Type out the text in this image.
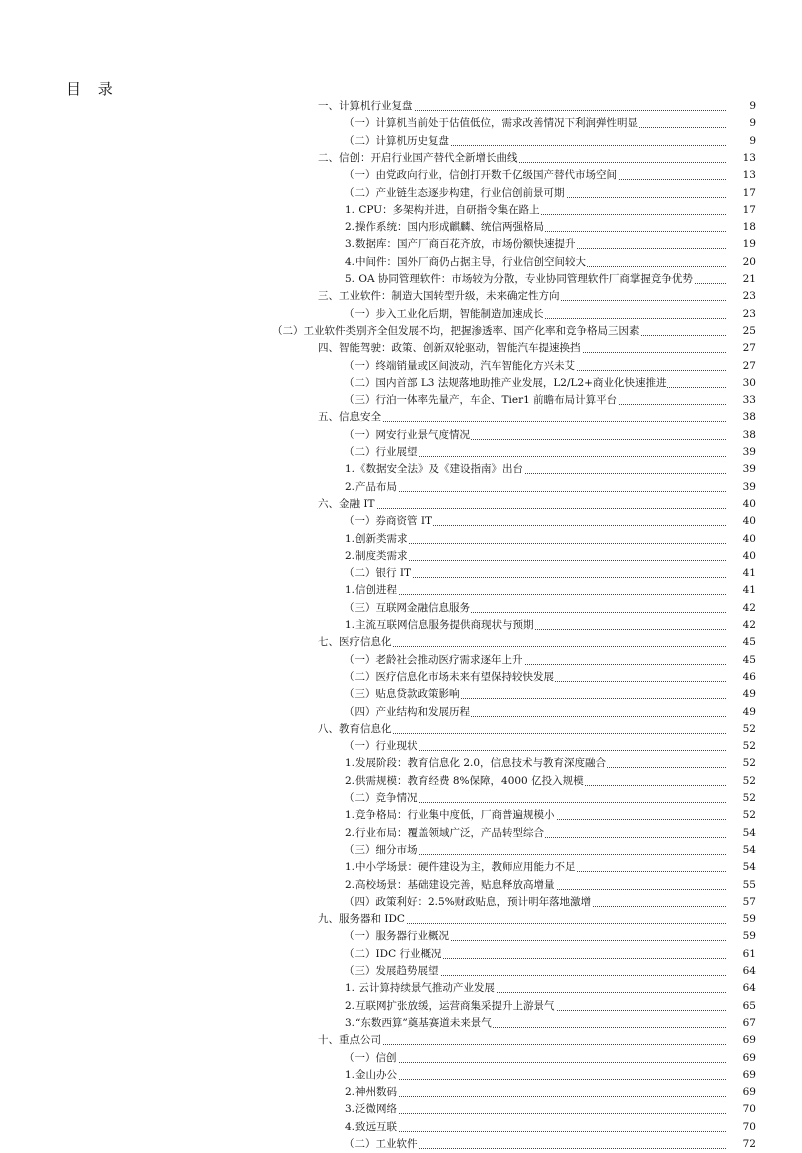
目 录
一、计算机行业复盘	9
（一）计算机当前处于估值低位，需求改善情况下利润弹性明显	9
（二）计算机历史复盘	9
二、信创：开启行业国产替代全新增长曲线	13
（一）由党政向行业，信创打开数千亿级国产替代市场空间	13
（二）产业链生态逐步构建，行业信创前景可期	17
1. CPU：多架构并进，自研指令集在路上	17
2.操作系统：国内形成麒麟、统信两强格局	18
3.数据库：国产厂商百花齐放，市场份额快速提升	19
4.中间件：国外厂商仍占据主导，行业信创空间较大	20
5. OA 协同管理软件：市场较为分散，专业协同管理软件厂商掌握竞争优势	21
三、工业软件：制造大国转型升级，未来确定性方向	23
（一）步入工业化后期，智能制造加速成长	23
（二）工业软件类别齐全但发展不均，把握渗透率、国产化率和竞争格局三因素	25
四、智能驾驶：政策、创新双轮驱动，智能汽车提速换挡	27
（一）终端销量或区间波动，汽车智能化方兴未艾	27
（二）国内首部 L3 法规落地助推产业发展，L2/L2+商业化快速推进	30
（三）行泊一体率先量产，车企、Tier1 前瞻布局计算平台	33
五、信息安全	38
（一）网安行业景气度情况	38
（二）行业展望	39
1.《数据安全法》及《建设指南》出台	39
2.产品布局	39
六、金融 IT	40
（一）券商资管 IT	40
1.创新类需求	40
2.制度类需求	40
（二）银行 IT	41
1.信创进程	41
（三）互联网金融信息服务	42
1.主流互联网信息服务提供商现状与预期	42
七、医疗信息化	45
（一）老龄社会推动医疗需求逐年上升	45
（二）医疗信息化市场未来有望保持较快发展	46
（三）贴息贷款政策影响	49
（四）产业结构和发展历程	49
八、教育信息化	52
（一）行业现状	52
1.发展阶段：教育信息化 2.0，信息技术与教育深度融合	52
2.供需规模：教育经费 8%保障，4000 亿投入规模	52
（二）竞争情况	52
1.竞争格局：行业集中度低，厂商普遍规模小	52
2.行业布局：覆盖领域广泛，产品转型综合	54
（三）细分市场	54
1.中小学场景：硬件建设为主，教师应用能力不足	54
2.高校场景：基础建设完善，贴息释放高增量	55
（四）政策利好：2.5%财政贴息，预计明年落地激增	57
九、服务器和 IDC	59
（一）服务器行业概况	59
（二）IDC 行业概况	61
（三）发展趋势展望	64
1. 云计算持续景气推动产业发展	64
2.互联网扩张放缓，运营商集采提升上游景气	65
3.“东数西算”奠基赛道未来景气	67
十、重点公司	69
（一）信创	69
1.金山办公	69
2.神州数码	69
3.泛微网络	70
4.致远互联	70
（二）工业软件	72
